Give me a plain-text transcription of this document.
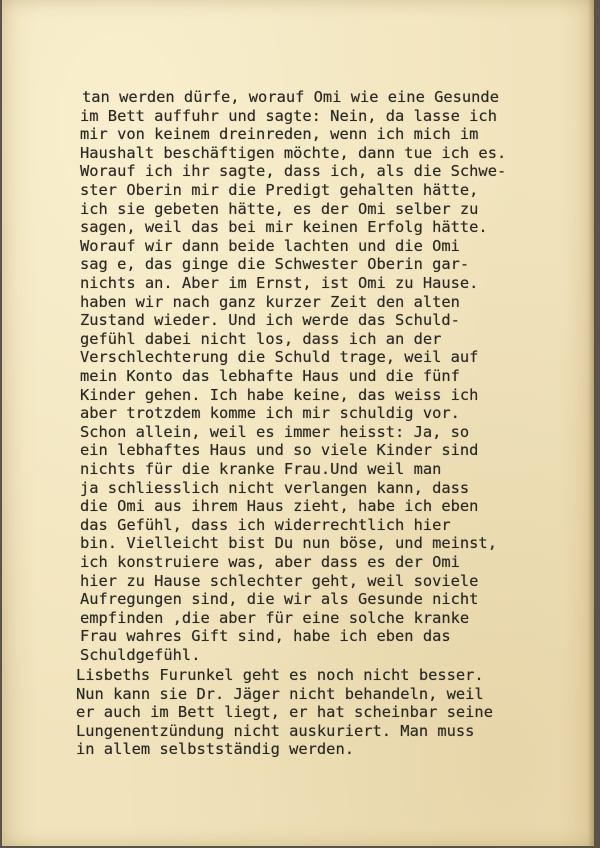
tan werden dürfe, worauf Omi wie eine Gesunde
im Bett auffuhr und sagte: Nein, da lasse ich
mir von keinem dreinreden, wenn ich mich im
Haushalt beschäftigen möchte, dann tue ich es.
Worauf ich ihr sagte, dass ich, als die Schwe-
ster Oberin mir die Predigt gehalten hätte,
ich sie gebeten hätte, es der Omi selber zu
sagen, weil das bei mir keinen Erfolg hätte.
Worauf wir dann beide lachten und die Omi
sag e, das ginge die Schwester Oberin gar-
nichts an. Aber im Ernst, ist Omi zu Hause.
haben wir nach ganz kurzer Zeit den alten
Zustand wieder. Und ich werde das Schuld-
gefühl dabei nicht los, dass ich an der
Verschlechterung die Schuld trage, weil auf
mein Konto das lebhafte Haus und die fünf
Kinder gehen. Ich habe keine, das weiss ich
aber trotzdem komme ich mir schuldig vor.
Schon allein, weil es immer heisst: Ja, so
ein lebhaftes Haus und so viele Kinder sind
nichts für die kranke Frau.Und weil man
ja schliesslich nicht verlangen kann, dass
die Omi aus ihrem Haus zieht, habe ich eben
das Gefühl, dass ich widerrechtlich hier
bin. Vielleicht bist Du nun böse, und meinst,
ich konstruiere was, aber dass es der Omi
hier zu Hause schlechter geht, weil soviele
Aufregungen sind, die wir als Gesunde nicht
empfinden ,die aber für eine solche kranke
Frau wahres Gift sind, habe ich eben das
Schuldgefühl.
Lisbeths Furunkel geht es noch nicht besser.
Nun kann sie Dr. Jäger nicht behandeln, weil
er auch im Bett liegt, er hat scheinbar seine
Lungenentzündung nicht auskuriert. Man muss
in allem selbstständig werden.
